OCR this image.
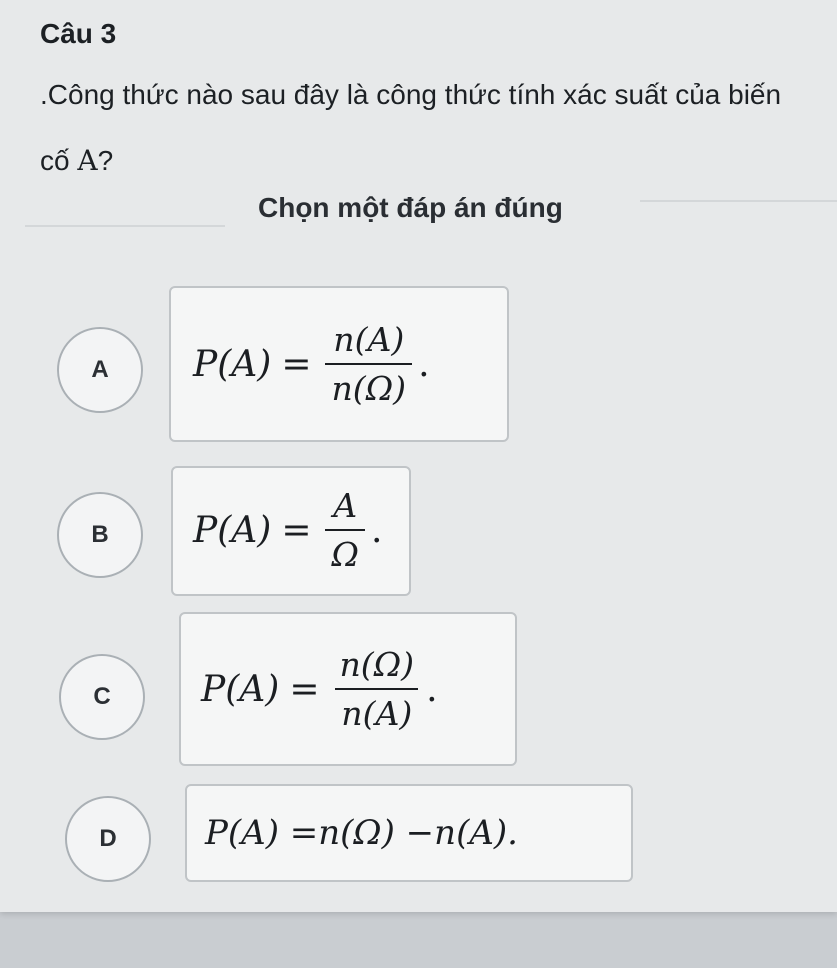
Câu 3
.Công thức nào sau đây là công thức tính xác suất của biến cố A?
Chọn một đáp án đúng
A	$P(A) = \frac{n(A)}{n(\Omega)}$ .
B	$P(A) = \frac{A}{\Omega}$ .
C	$P(A) = \frac{n(\Omega)}{n(A)}$ .
D	P(A) =n(Ω) −n(A).
